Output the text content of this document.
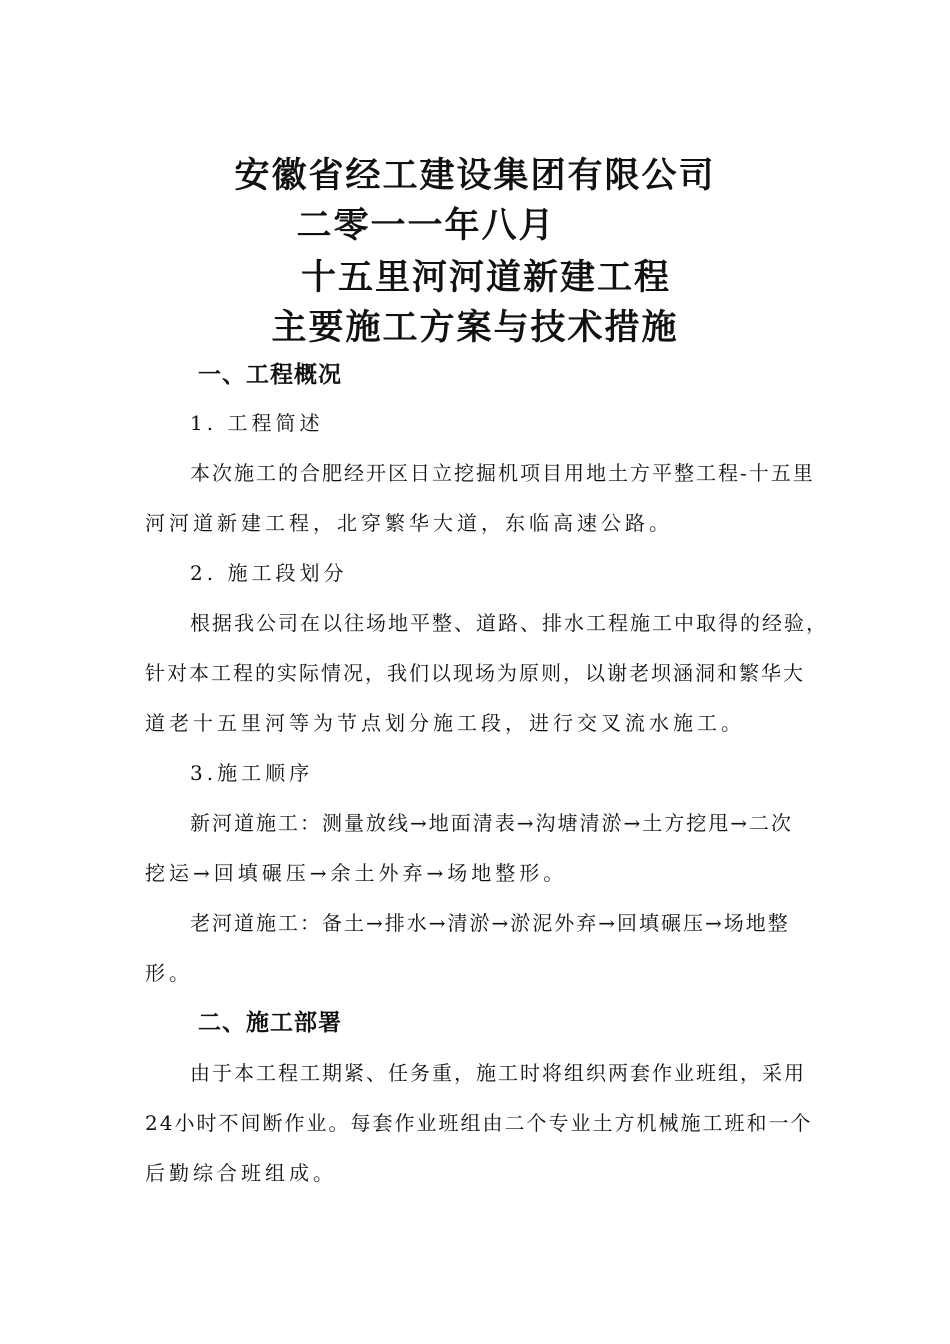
安徽省经工建设集团有限公司
二零一一年八月
十五里河河道新建工程
主要施工方案与技术措施
一、工程概况

1. 工程简述

本次施工的合肥经开区日立挖掘机项目用地土方平整工程-十五里

河河道新建工程，北穿繁华大道，东临高速公路。

2. 施工段划分

根据我公司在以往场地平整、道路、排水工程施工中取得的经验，

针对本工程的实际情况，我们以现场为原则，以谢老坝涵洞和繁华大

道老十五里河等为节点划分施工段，进行交叉流水施工。

3.施工顺序

新河道施工：测量放线→地面清表→沟塘清淤→土方挖甩→二次

挖运→回填碾压→余土外弃→场地整形。

老河道施工：备土→排水→清淤→淤泥外弃→回填碾压→场地整

形。

二、施工部署

由于本工程工期紧、任务重，施工时将组织两套作业班组，采用

24小时不间断作业。每套作业班组由二个专业土方机械施工班和一个

后勤综合班组成。
